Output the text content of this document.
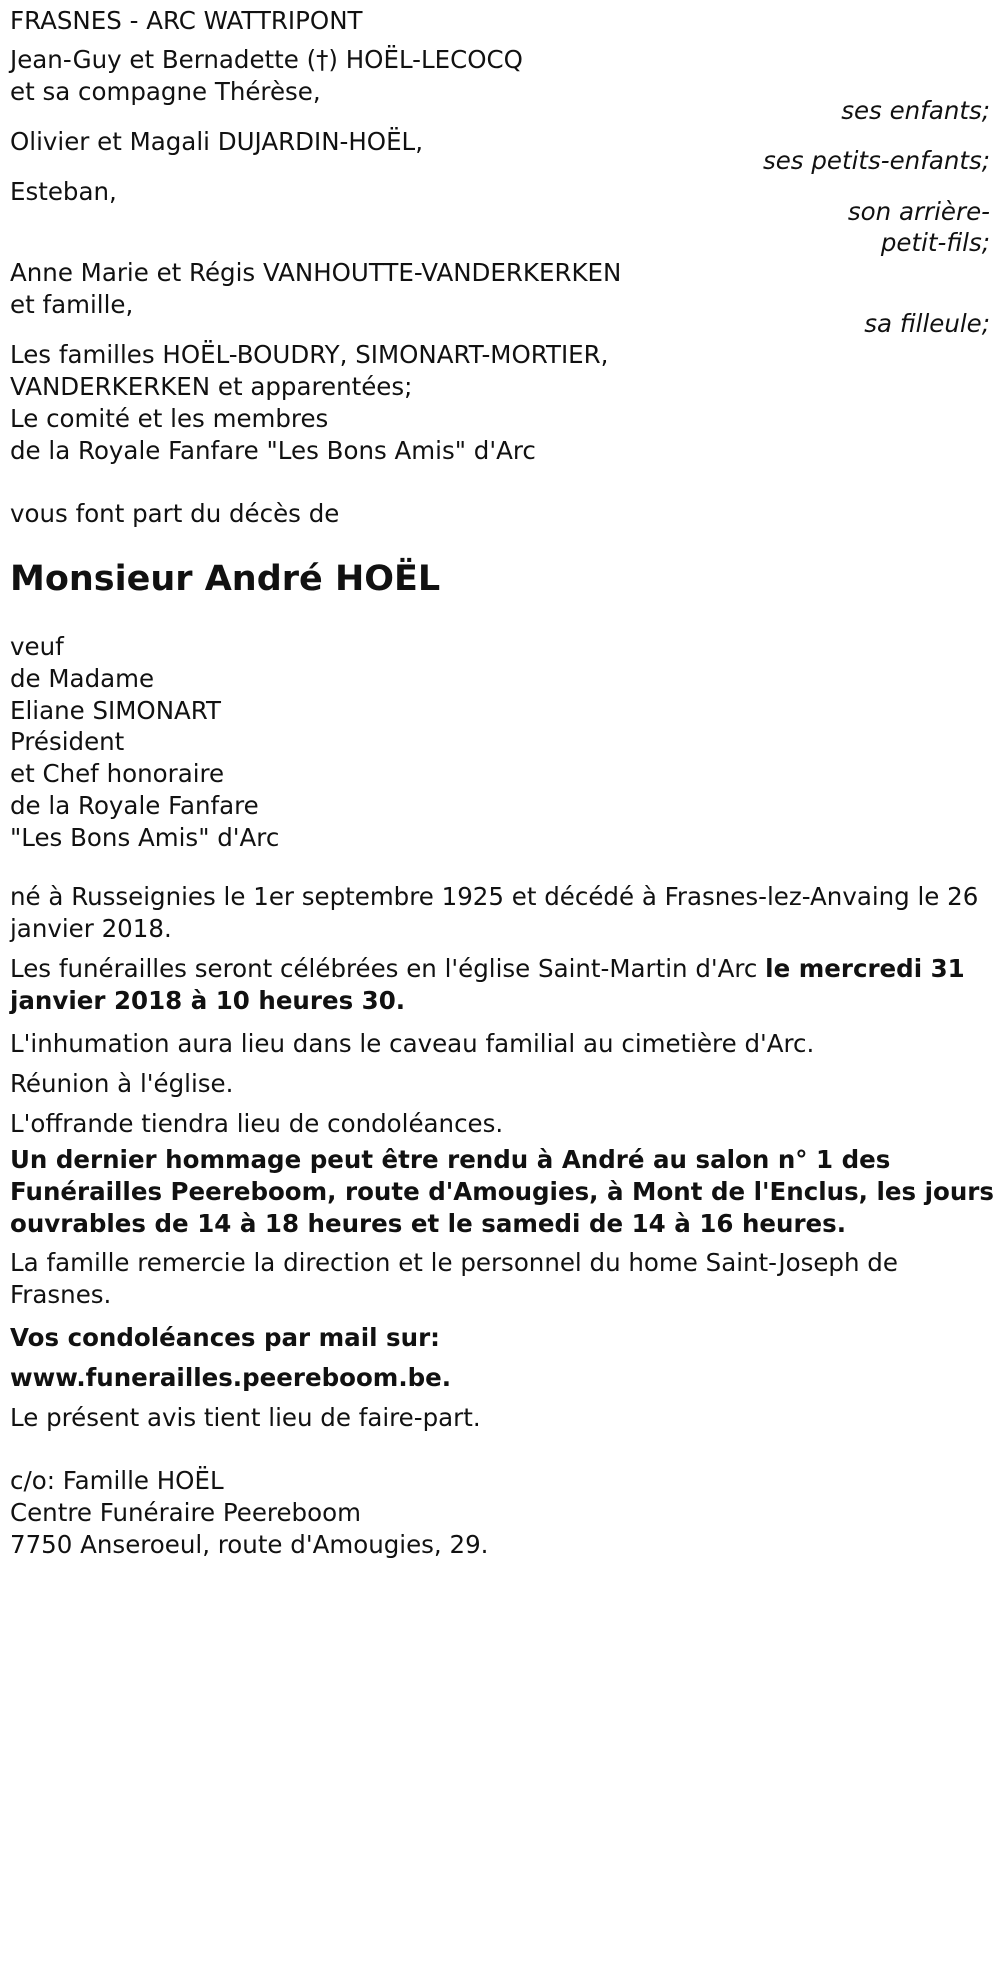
FRASNES - ARC WATTRIPONT
Jean-Guy et Bernadette (†) HOËL-LECOCQ
et sa compagne Thérèse,
ses enfants;
Olivier et Magali DUJARDIN-HOËL,
ses petits-enfants;
Esteban,
son arrière-
petit-fils;
Anne Marie et Régis VANHOUTTE-VANDERKERKEN
et famille,
sa filleule;
Les familles HOËL-BOUDRY, SIMONART-MORTIER,
VANDERKERKEN et apparentées;
Le comité et les membres
de la Royale Fanfare "Les Bons Amis" d'Arc
vous font part du décès de
Monsieur André HOËL
veuf
de Madame
Eliane SIMONART
Président
et Chef honoraire
de la Royale Fanfare
"Les Bons Amis" d'Arc
né à Russeignies le 1er septembre 1925 et décédé à Frasnes-lez-Anvaing le 26 janvier 2018.
Les funérailles seront célébrées en l'église Saint-Martin d'Arc le mercredi 31 janvier 2018 à 10 heures 30.
L'inhumation aura lieu dans le caveau familial au cimetière d'Arc.
Réunion à l'église.
L'offrande tiendra lieu de condoléances.
Un dernier hommage peut être rendu à André au salon n° 1 des Funérailles Peereboom, route d'Amougies, à Mont de l'Enclus, les jours ouvrables de 14 à 18 heures et le samedi de 14 à 16 heures.
La famille remercie la direction et le personnel du home Saint-Joseph de Frasnes.
Vos condoléances par mail sur:
www.funerailles.peereboom.be.
Le présent avis tient lieu de faire-part.
c/o: Famille HOËL
Centre Funéraire Peereboom
7750 Anseroeul, route d'Amougies, 29.
